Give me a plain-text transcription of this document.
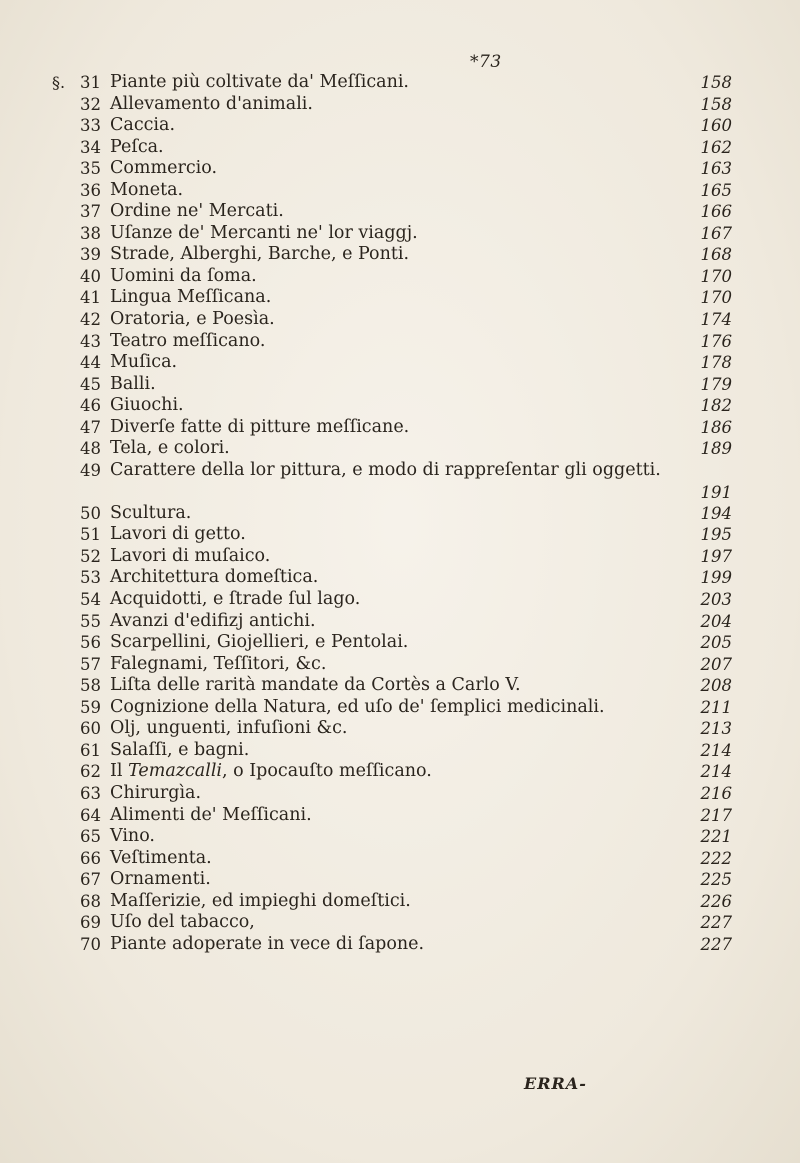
*73
§. 31 Piante più coltivate da' Meſſicani.	158
32 Allevamento d'animali.	158
33 Caccia.	160
34 Peſca.	162
35 Commercio.	163
36 Moneta.	165
37 Ordine ne' Mercati.	166
38 Uſanze de' Mercanti ne' lor viaggj.	167
39 Strade, Alberghi, Barche, e Ponti.	168
40 Uomini da ſoma.	170
41 Lingua Meſſicana.	170
42 Oratoria, e Poesìa.	174
43 Teatro meſſicano.	176
44 Muſica.	178
45 Balli.	179
46 Giuochi.	182
47 Diverſe fatte di pitture meſſicane.	186
48 Tela, e colori.	189
49 Carattere della lor pittura, e modo di rappreſentar gli oggetti.
191
50 Scultura.	194
51 Lavori di getto.	195
52 Lavori di muſaico.	197
53 Architettura domeſtica.	199
54 Acquidotti, e ſtrade ſul lago.	203
55 Avanzi d'edifizj antichi.	204
56 Scarpellini, Giojellieri, e Pentolai.	205
57 Falegnami, Teſſitori, &c.	207
58 Liſta delle rarità mandate da Cortès a Carlo V.	208
59 Cognizione della Natura, ed uſo de' ſemplici medicinali.	211
60 Olj, unguenti, infuſioni &c.	213
61 Salaſſi, e bagni.	214
62 Il Temazcalli, o Ipocauſto meſſicano.	214
63 Chirurgìa.	216
64 Alimenti de' Meſſicani.	217
65 Vino.	221
66 Veſtimenta.	222
67 Ornamenti.	225
68 Maſſerizie, ed impieghi domeſtici.	226
69 Uſo del tabacco,	227
70 Piante adoperate in vece di ſapone.	227
ERRA-
